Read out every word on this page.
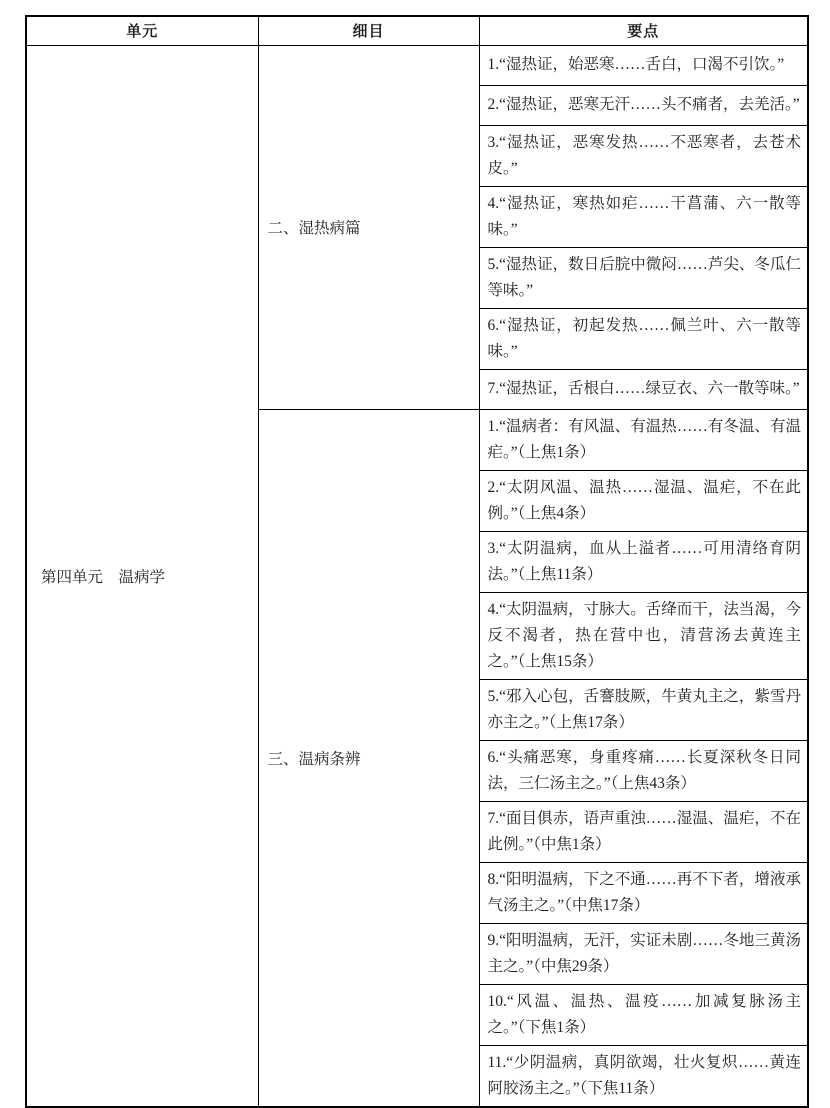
单元	细目	要点
第四单元　温病学	二、湿热病篇	1.“湿热证，始恶寒……舌白，口渴不引饮。”
		2.“湿热证，恶寒无汗……头不痛者，去羌活。”
		3.“湿热证，恶寒发热……不恶寒者，去苍术皮。”
		4.“湿热证，寒热如疟……干菖蒲、六一散等味。”
		5.“湿热证，数日后脘中微闷……芦尖、冬瓜仁等味。”
		6.“湿热证，初起发热……佩兰叶、六一散等味。”
		7.“湿热证，舌根白……绿豆衣、六一散等味。”
	三、温病条辨	1.“温病者：有风温、有温热……有冬温、有温疟。”（上焦1条）
		2.“太阴风温、温热……湿温、温疟，不在此例。”（上焦4条）
		3.“太阴温病，血从上溢者……可用清络育阴法。”（上焦11条）
		4.“太阴温病，寸脉大。舌绛而干，法当渴，今反不渴者，热在营中也，清营汤去黄连主之。”（上焦15条）
		5.“邪入心包，舌謇肢厥，牛黄丸主之，紫雪丹亦主之。”（上焦17条）
		6.“头痛恶寒，身重疼痛……长夏深秋冬日同法，三仁汤主之。”（上焦43条）
		7.“面目俱赤，语声重浊……湿温、温疟，不在此例。”（中焦1条）
		8.“阳明温病，下之不通……再不下者，增液承气汤主之。”（中焦17条）
		9.“阳明温病，无汗，实证未剧……冬地三黄汤主之。”（中焦29条）
		10.“风温、温热、温疫……加减复脉汤主之。”（下焦1条）
		11.“少阴温病，真阴欲竭，壮火复炽……黄连阿胶汤主之。”（下焦11条）
